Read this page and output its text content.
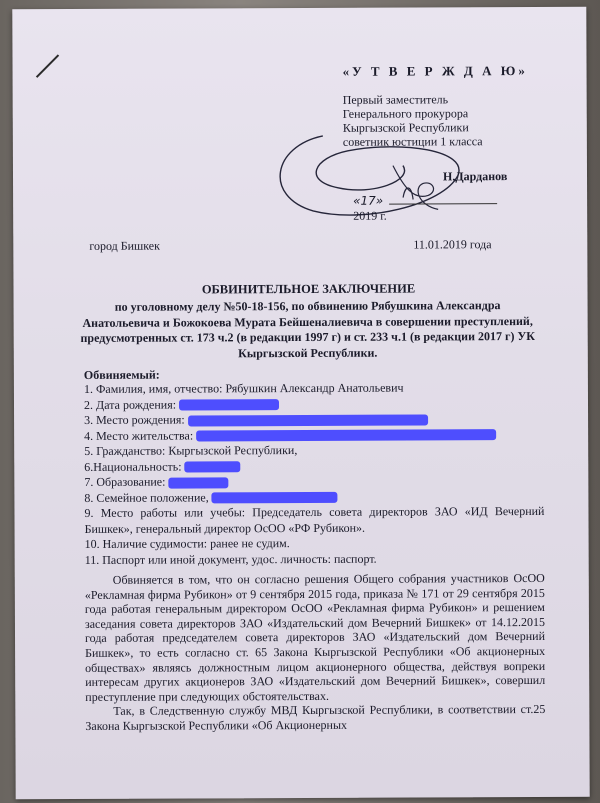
«У Т В Е Р Ж Д А Ю»
Первый заместитель
Генерального прокурора
Кыргызской Республики
советник юстиции 1 класса
Н.Дарданов
«17»2019 г.
город Бишкек	11.01.2019 года
ОБВИНИТЕЛЬНОЕ ЗАКЛЮЧЕНИЕ
по уголовному делу №50-18-156, по обвинению Рябушкина Александра Анатольевича и Божокоева Мурата Бейшеналиевича в совершении преступлений, предусмотренных ст. 173 ч.2 (в редакции 1997 г) и ст. 233 ч.1 (в редакции 2017 г) УК Кыргызской Республики.
Обвиняемый:
1. Фамилия, имя, отчество: Рябушкин Александр Анатольевич
2. Дата рождения:
3. Место рождения:
4. Место жительства:
5. Гражданство: Кыргызской Республики,
6.Национальность:
7. Образование:
8. Семейное положение,
9. Место работы или учебы: Председатель совета директоров ЗАО «ИД Вечерний Бишкек», генеральный директор ОсОО «РФ Рубикон».
10. Наличие судимости: ранее не судим.
11. Паспорт или иной документ, удос. личность: паспорт.

Обвиняется в том, что он согласно решения Общего собрания участников ОсОО «Рекламная фирма Рубикон» от 9 сентября 2015 года, приказа № 171 от 29 сентября 2015 года работая генеральным директором ОсОО «Рекламная фирма Рубикон» и решением заседания совета директоров ЗАО «Издательский дом Вечерний Бишкек» от 14.12.2015 года работая председателем совета директоров ЗАО «Издательский дом Вечерний Бишкек», то есть согласно ст. 65 Закона Кыргызской Республики «Об акционерных обществах» являясь должностным лицом акционерного общества, действуя вопреки интересам других акционеров ЗАО «Издательский дом Вечерний Бишкек», совершил преступление при следующих обстоятельствах.

Так, в Следственную службу МВД Кыргызской Республики, в соответствии ст.25 Закона Кыргызской Республики «Об Акционерных
